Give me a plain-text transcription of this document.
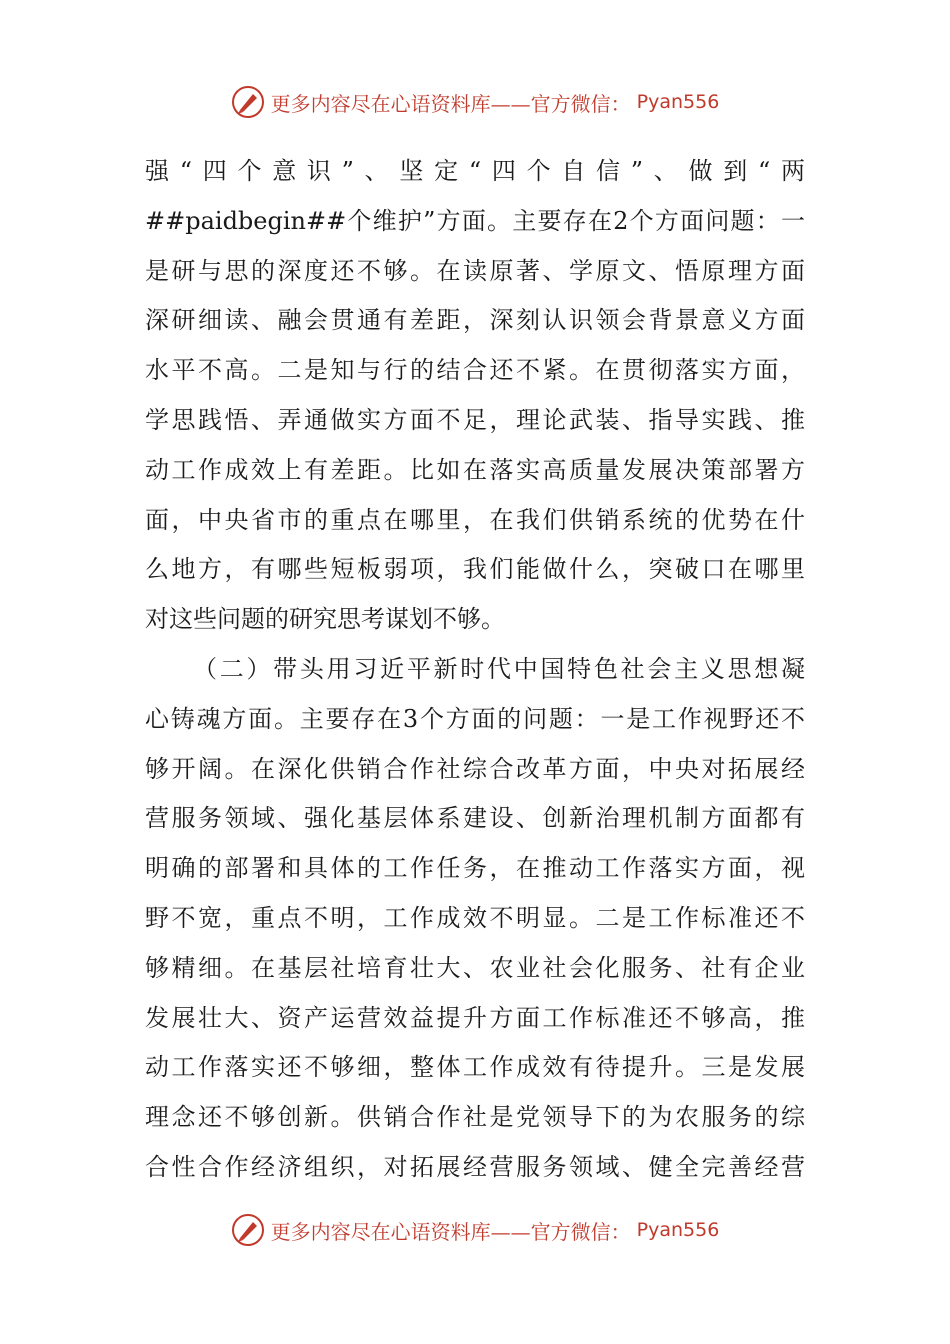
更多内容尽在心语资料库——官方微信： Pyan556
强“四个意识”、坚定“四个自信”、做到“两
##paidbegin##个维护”方面。主要存在2个方面问题：一
是研与思的深度还不够。在读原著、学原文、悟原理方面
深研细读、融会贯通有差距，深刻认识领会背景意义方面
水平不高。二是知与行的结合还不紧。在贯彻落实方面，
学思践悟、弄通做实方面不足，理论武装、指导实践、推
动工作成效上有差距。比如在落实高质量发展决策部署方
面，中央省市的重点在哪里，在我们供销系统的优势在什
么地方，有哪些短板弱项，我们能做什么，突破口在哪里
对这些问题的研究思考谋划不够。
（二）带头用习近平新时代中国特色社会主义思想凝
心铸魂方面。主要存在3个方面的问题：一是工作视野还不
够开阔。在深化供销合作社综合改革方面，中央对拓展经
营服务领域、强化基层体系建设、创新治理机制方面都有
明确的部署和具体的工作任务，在推动工作落实方面，视
野不宽，重点不明，工作成效不明显。二是工作标准还不
够精细。在基层社培育壮大、农业社会化服务、社有企业
发展壮大、资产运营效益提升方面工作标准还不够高，推
动工作落实还不够细，整体工作成效有待提升。三是发展
理念还不够创新。供销合作社是党领导下的为农服务的综
合性合作经济组织，对拓展经营服务领域、健全完善经营
更多内容尽在心语资料库——官方微信： Pyan556
